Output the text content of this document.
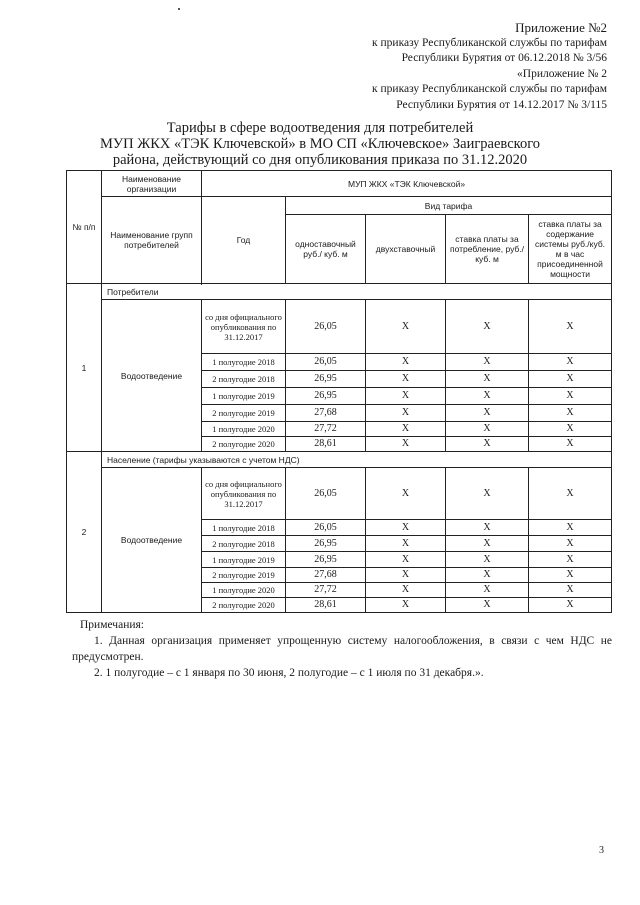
Приложение №2
к приказу Республиканской службы по тарифам
Республики Бурятия от 06.12.2018 № 3/56
«Приложение № 2
к приказу Республиканской службы по тарифам
Республики Бурятия от 14.12.2017 № 3/115
Тарифы в сфере водоотведения для потребителей
МУП ЖКХ «ТЭК Ключевской» в МО СП «Ключевское» Заиграевского
района, действующий со дня опубликования приказа по 31.12.2020
№ п/п	Наименование организации	МУП ЖКХ «ТЭК Ключевской»				
	Наименование групп потребителей	Год	Вид тарифа			
			одноставочный руб./ куб. м	двухставочный	ставка платы за потребление, руб./ куб. м	ставка платы за содержание системы руб./куб. м в час присоединенной мощности

1	Потребители					
	Водоотведение	со дня официального опубликования по 31.12.2017	26,05	X	X	X
		1 полугодие 2018	26,05	X	X	X
		2 полугодие 2018	26,95	X	X	X
		1 полугодие 2019	26,95	X	X	X
		2 полугодие 2019	27,68	X	X	X
		1 полугодие 2020	27,72	X	X	X
		2 полугодие 2020	28,61	X	X	X
2	Население (тарифы указываются с учетом НДС)					
	Водоотведение	со дня официального опубликования по 31.12.2017	26,05	X	X	X
		1 полугодие 2018	26,05	X	X	X
		2 полугодие 2018	26,95	X	X	X
		1 полугодие 2019	26,95	X	X	X
		2 полугодие 2019	27,68	X	X	X
		1 полугодие 2020	27,72	X	X	X
		2 полугодие 2020	28,61	X	X	X

Примечания:

1. Данная организация применяет упрощенную систему налогообложения, в связи с чем НДС не предусмотрен.

2. 1 полугодие – с 1 января по 30 июня, 2 полугодие – с 1 июля по 31 декабря.».

3
